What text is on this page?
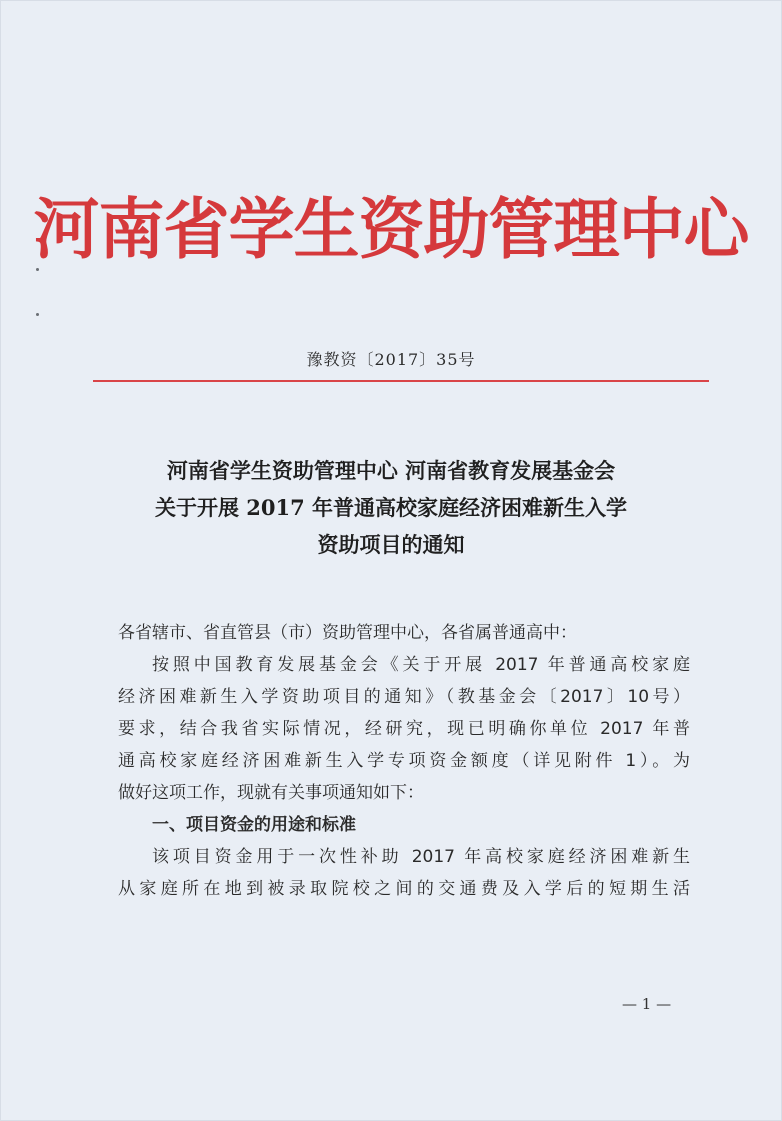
河南省学生资助管理中心
豫教资〔2017〕35号
河南省学生资助管理中心 河南省教育发展基金会
关于开展 2017 年普通高校家庭经济困难新生入学
资助项目的通知
各省辖市、省直管县（市）资助管理中心，各省属普通高中：
按照中国教育发展基金会《关于开展 2017 年普通高校家庭
经济困难新生入学资助项目的通知》（教基金会〔2017〕10号）
要求，结合我省实际情况，经研究，现已明确你单位 2017 年普
通高校家庭经济困难新生入学专项资金额度（详见附件 1）。为
做好这项工作，现就有关事项通知如下：
一、项目资金的用途和标准
该项目资金用于一次性补助 2017 年高校家庭经济困难新生
从家庭所在地到被录取院校之间的交通费及入学后的短期生活
— 1 —
